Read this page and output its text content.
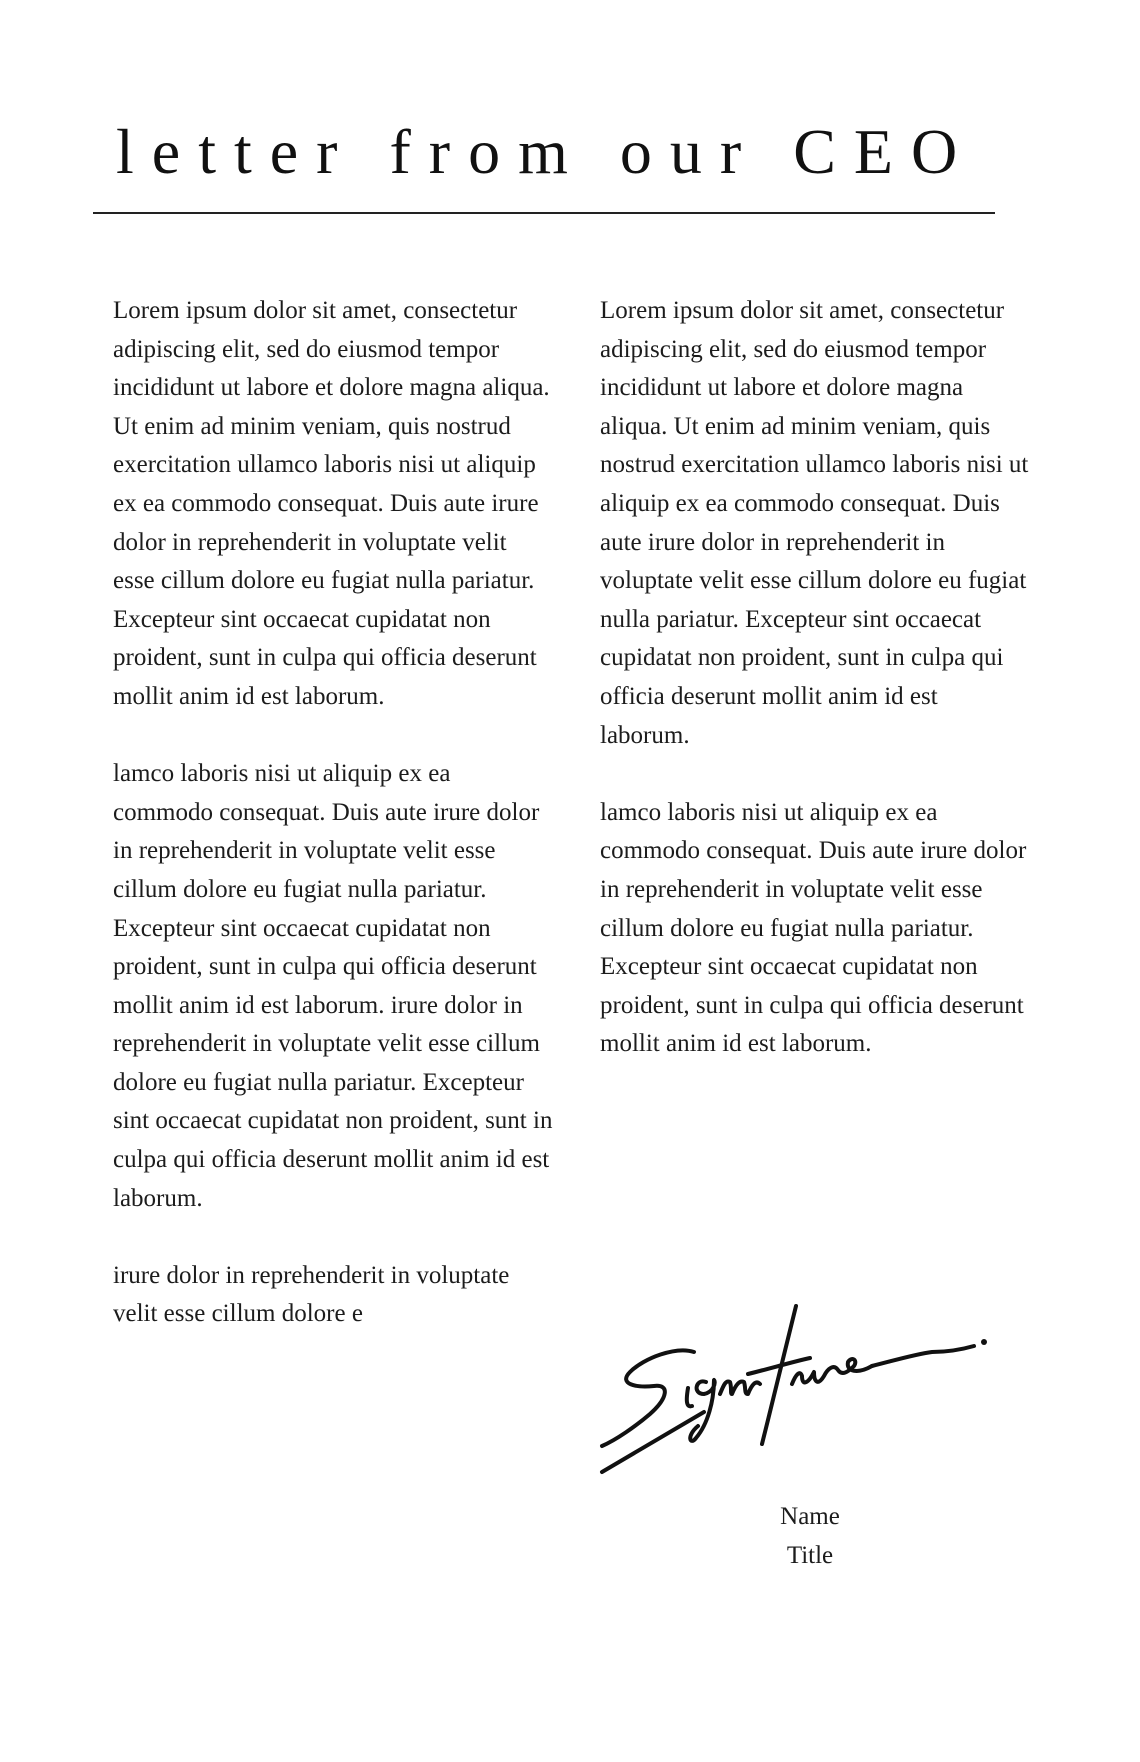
letter from our CEO

Lorem ipsum dolor sit amet, consectetur adipiscing elit, sed do eiusmod tempor incididunt ut labore et dolore magna aliqua. Ut enim ad minim veniam, quis nostrud exercitation ullamco laboris nisi ut aliquip ex ea commodo consequat. Duis aute irure dolor in reprehenderit in voluptate velit esse cillum dolore eu fugiat nulla pariatur. Excepteur sint occaecat cupidatat non proident, sunt in culpa qui officia deserunt mollit anim id est laborum.

lamco laboris nisi ut aliquip ex ea commodo consequat. Duis aute irure dolor in reprehenderit in voluptate velit esse cillum dolore eu fugiat nulla pariatur. Excepteur sint occaecat cupidatat non proident, sunt in culpa qui officia deserunt mollit anim id est laborum. irure dolor in reprehenderit in voluptate velit esse cillum dolore eu fugiat nulla pariatur. Excepteur sint occaecat cupidatat non proident, sunt in culpa qui officia deserunt mollit anim id est laborum.

irure dolor in reprehenderit in voluptate velit esse cillum dolore e

Lorem ipsum dolor sit amet, consectetur adipiscing elit, sed do eiusmod tempor incididunt ut labore et dolore magna aliqua. Ut enim ad minim veniam, quis nostrud exercitation ullamco laboris nisi ut aliquip ex ea commodo consequat. Duis aute irure dolor in reprehenderit in voluptate velit esse cillum dolore eu fugiat nulla pariatur. Excepteur sint occaecat cupidatat non proident, sunt in culpa qui officia deserunt mollit anim id est laborum.

lamco laboris nisi ut aliquip ex ea commodo consequat. Duis aute irure dolor in reprehenderit in voluptate velit esse cillum dolore eu fugiat nulla pariatur. Excepteur sint occaecat cupidatat non proident, sunt in culpa qui officia deserunt mollit anim id est laborum.

Name
Title
